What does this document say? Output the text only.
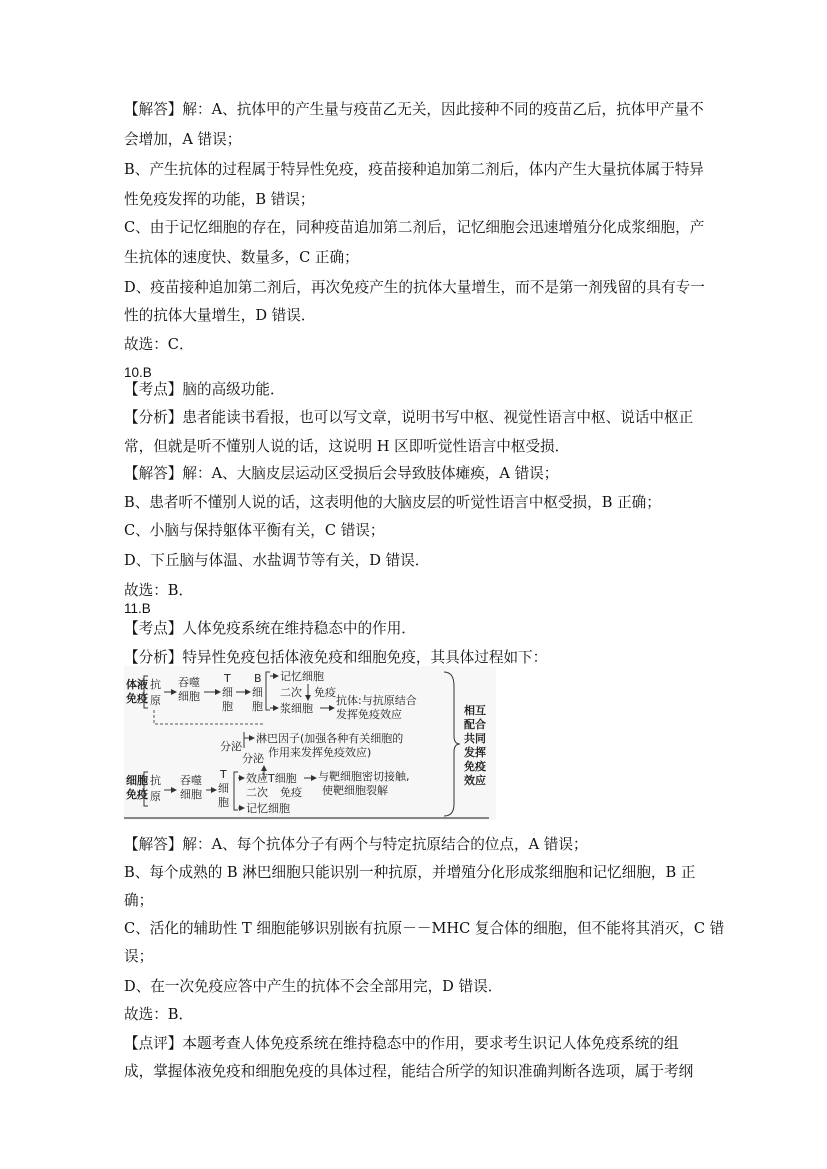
【解答】解：A、抗体甲的产生量与疫苗乙无关，因此接种不同的疫苗乙后，抗体甲产量不
会增加，A 错误；
B、产生抗体的过程属于特异性免疫，疫苗接种追加第二剂后，体内产生大量抗体属于特异
性免疫发挥的功能，B 错误；
C、由于记忆细胞的存在，同种疫苗追加第二剂后，记忆细胞会迅速增殖分化成浆细胞，产
生抗体的速度快、数量多，C 正确；
D、疫苗接种追加第二剂后，再次免疫产生的抗体大量增生，而不是第一剂残留的具有专一
性的抗体大量增生，D 错误．
故选：C．
10.B
【考点】脑的高级功能．
【分析】患者能读书看报，也可以写文章，说明书写中枢、视觉性语言中枢、说话中枢正
常，但就是听不懂别人说的话，这说明 H 区即听觉性语言中枢受损．
【解答】解：A、大脑皮层运动区受损后会导致肢体瘫痪，A 错误；
B、患者听不懂别人说的话，这表明他的大脑皮层的听觉性语言中枢受损，B 正确；
C、小脑与保持躯体平衡有关，C 错误；
D、下丘脑与体温、水盐调节等有关，D 错误．
故选：B．
11.B
【考点】人体免疫系统在维持稳态中的作用．
【分析】特异性免疫包括体液免疫和细胞免疫，其具体过程如下：
【解答】解：A、每个抗体分子有两个与特定抗原结合的位点，A 错误；
B、每个成熟的 B 淋巴细胞只能识别一种抗原，并增殖分化形成浆细胞和记忆细胞，B 正
确；
C、活化的辅助性 T 细胞能够识别嵌有抗原－－MHC 复合体的细胞，但不能将其消灭，C 错
误；
D、在一次免疫应答中产生的抗体不会全部用完，D 错误．
故选：B．
【点评】本题考查人体免疫系统在维持稳态中的作用，要求考生识记人体免疫系统的组
成，掌握体液免疫和细胞免疫的具体过程，能结合所学的知识准确判断各选项，属于考纲
体液
免疫
抗
原
吞噬
细胞
T
细
胞
B
细
胞
记忆细胞
二次 免疫
浆细胞
抗体:与抗原结合
发挥免疫效应	相互
配合
共同
发挥
免疫
效应
分泌
分泌
淋巴因子(加强各种有关细胞的
作用来发挥免疫效应)
细胞
免疫
抗
原
吞噬
细胞
T
细
胞
效应T细胞 与靶细胞密切接触,
使靶细胞裂解
二次 免疫
记忆细胞
